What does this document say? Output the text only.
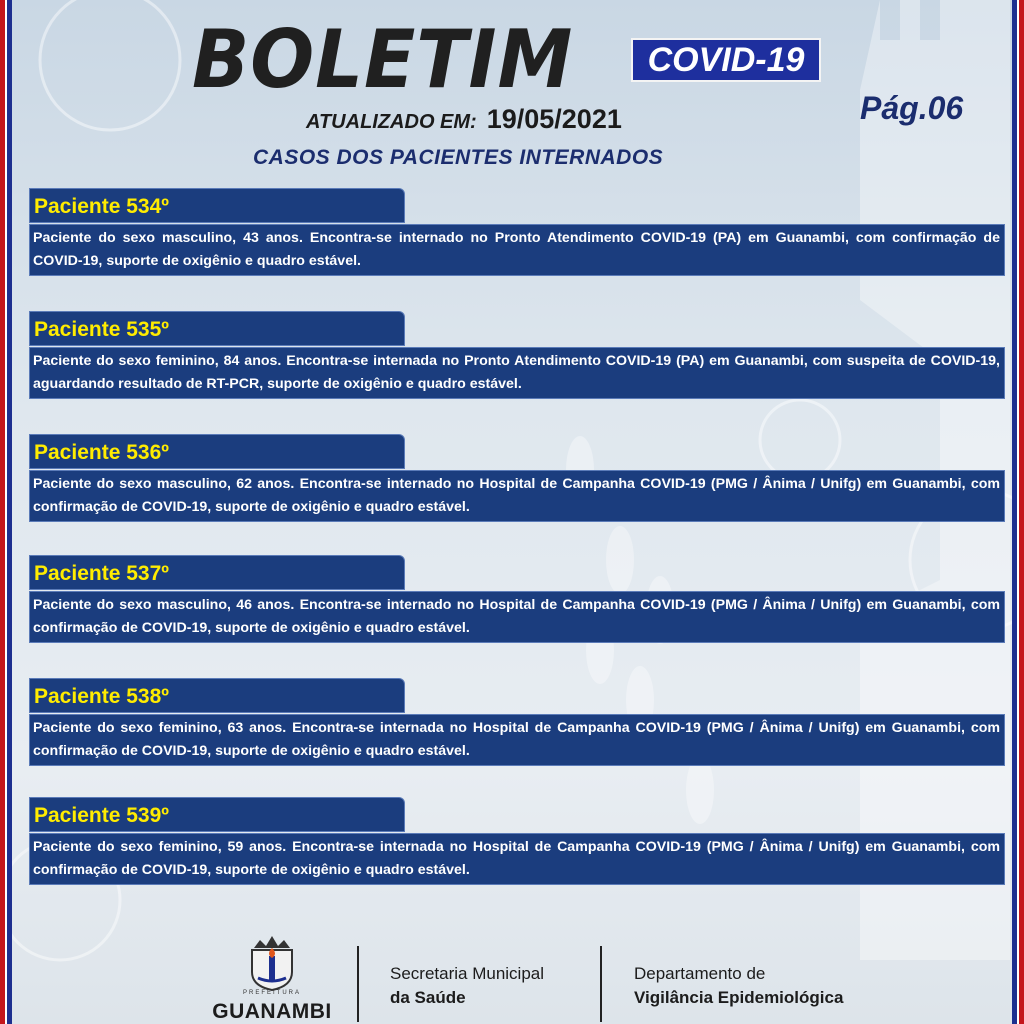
BOLETIM	COVID-19
ATUALIZADO EM: 19/05/2021	Pág.06
CASOS DOS PACIENTES INTERNADOS
Paciente 534º
Paciente do sexo masculino, 43 anos. Encontra-se internado no Pronto Atendimento COVID-19 (PA) em Guanambi, com confirmação de COVID-19, suporte de oxigênio e quadro estável.
Paciente 535º
Paciente do sexo feminino, 84 anos. Encontra-se internada no Pronto Atendimento COVID-19 (PA) em Guanambi, com suspeita de COVID-19, aguardando resultado de RT-PCR, suporte de oxigênio e quadro estável.
Paciente 536º
Paciente do sexo masculino, 62 anos. Encontra-se internado no Hospital de Campanha COVID-19 (PMG / Ânima / Unifg) em Guanambi, com confirmação de COVID-19, suporte de oxigênio e quadro estável.
Paciente 537º
Paciente do sexo masculino, 46 anos. Encontra-se internado no Hospital de Campanha COVID-19 (PMG / Ânima / Unifg) em Guanambi, com confirmação de COVID-19, suporte de oxigênio e quadro estável.
Paciente 538º
Paciente do sexo feminino, 63 anos. Encontra-se internada no Hospital de Campanha COVID-19 (PMG / Ânima / Unifg) em Guanambi, com confirmação de COVID-19, suporte de oxigênio e quadro estável.
Paciente 539º
Paciente do sexo feminino, 59 anos. Encontra-se internada no Hospital de Campanha COVID-19 (PMG / Ânima / Unifg) em Guanambi, com confirmação de COVID-19, suporte de oxigênio e quadro estável.
PREFEITURA
GUANAMBI
Secretaria Municipal
da Saúde
Departamento de
Vigilância Epidemiológica
